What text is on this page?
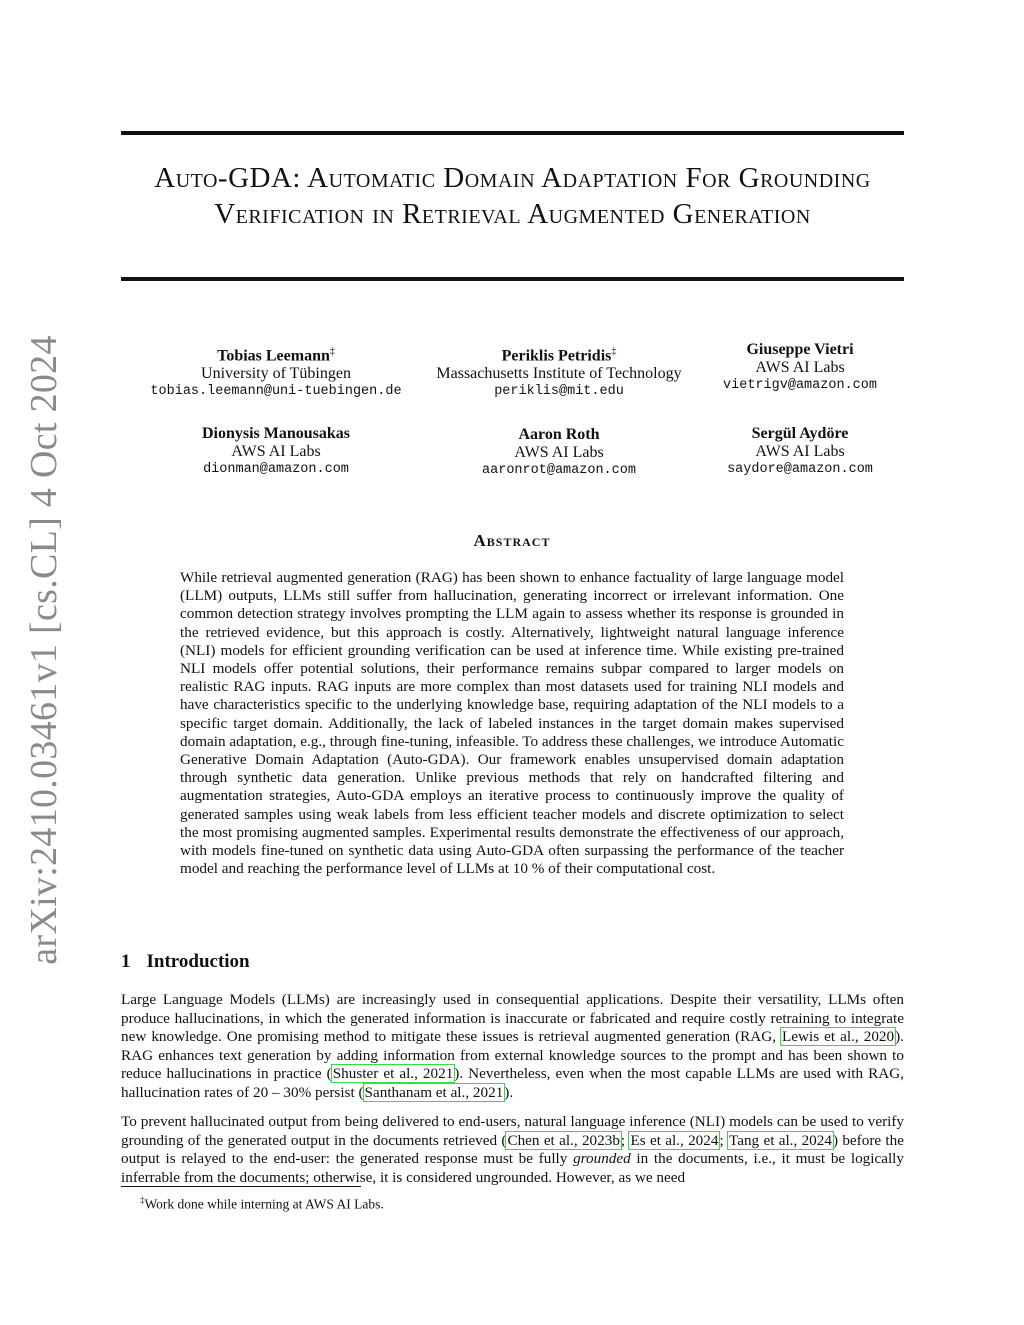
arXiv:2410.03461v1 [cs.CL] 4 Oct 2024
Auto-GDA: Automatic Domain Adaptation For Grounding Verification in Retrieval Augmented Generation
Tobias Leemann‡
University of Tübingen
tobias.leemann@uni-tuebingen.de
Periklis Petridis‡
Massachusetts Institute of Technology
periklis@mit.edu
Giuseppe Vietri
AWS AI Labs
vietrigv@amazon.com
Dionysis Manousakas
AWS AI Labs
dionman@amazon.com
Aaron Roth
AWS AI Labs
aaronrot@amazon.com
Sergül Aydöre
AWS AI Labs
saydore@amazon.com
Abstract

While retrieval augmented generation (RAG) has been shown to enhance factuality of large language model (LLM) outputs, LLMs still suffer from hallucination, generating incorrect or irrelevant information. One common detection strategy involves prompting the LLM again to assess whether its response is grounded in the retrieved evidence, but this approach is costly. Alternatively, lightweight natural language inference (NLI) models for efficient grounding verification can be used at inference time. While existing pre-trained NLI models offer potential solutions, their performance remains subpar compared to larger models on realistic RAG inputs. RAG inputs are more complex than most datasets used for training NLI models and have characteristics specific to the underlying knowledge base, requiring adaptation of the NLI models to a specific target domain. Additionally, the lack of labeled instances in the target domain makes supervised domain adaptation, e.g., through fine-tuning, infeasible. To address these challenges, we introduce Automatic Generative Domain Adaptation (Auto-GDA). Our framework enables unsupervised domain adaptation through synthetic data generation. Unlike previous methods that rely on handcrafted filtering and augmentation strategies, Auto-GDA employs an iterative process to continuously improve the quality of generated samples using weak labels from less efficient teacher models and discrete optimization to select the most promising augmented samples. Experimental results demonstrate the effectiveness of our approach, with models fine-tuned on synthetic data using Auto-GDA often surpassing the performance of the teacher model and reaching the performance level of LLMs at 10 % of their computational cost.

1 Introduction

Large Language Models (LLMs) are increasingly used in consequential applications. Despite their versatility, LLMs often produce hallucinations, in which the generated information is inaccurate or fabricated and require costly retraining to integrate new knowledge. One promising method to mitigate these issues is retrieval augmented generation (RAG, Lewis et al., 2020). RAG enhances text generation by adding information from external knowledge sources to the prompt and has been shown to reduce hallucinations in practice (Shuster et al., 2021). Nevertheless, even when the most capable LLMs are used with RAG, hallucination rates of 20 – 30% persist (Santhanam et al., 2021).

To prevent hallucinated output from being delivered to end-users, natural language inference (NLI) models can be used to verify grounding of the generated output in the documents retrieved (Chen et al., 2023b; Es et al., 2024; Tang et al., 2024) before the output is relayed to the end-user: the generated response must be fully grounded in the documents, i.e., it must be logically inferrable from the documents; otherwise, it is considered ungrounded. However, as we need

‡Work done while interning at AWS AI Labs.
